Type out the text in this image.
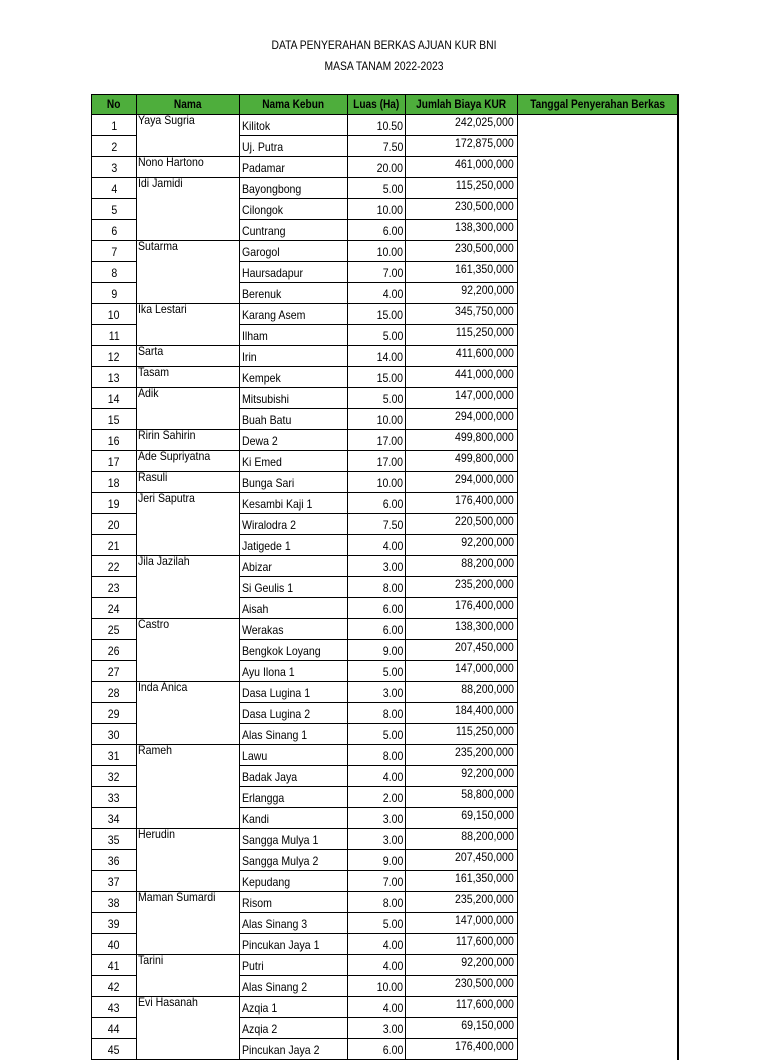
DATA PENYERAHAN BERKAS AJUAN KUR BNI
MASA TANAM 2022-2023
No	Nama	Nama Kebun	Luas (Ha)	Jumlah Biaya KUR	Tanggal Penyerahan Berkas
1	Yaya Sugria	Kilitok	10.50	242,025,000	
2		Uj. Putra	7.50	172,875,000	
3	Nono Hartono	Padamar	20.00	461,000,000	
4	Idi Jamidi	Bayongbong	5.00	115,250,000	
5		Cilongok	10.00	230,500,000	
6		Cuntrang	6.00	138,300,000	
7	Sutarma	Garogol	10.00	230,500,000	
8		Haursadapur	7.00	161,350,000	
9		Berenuk	4.00	92,200,000	
10	Ika Lestari	Karang Asem	15.00	345,750,000	
11		Ilham	5.00	115,250,000	
12	Sarta	Irin	14.00	411,600,000	
13	Tasam	Kempek	15.00	441,000,000	
14	Adik	Mitsubishi	5.00	147,000,000	
15		Buah Batu	10.00	294,000,000	
16	Ririn Sahirin	Dewa 2	17.00	499,800,000	
17	Ade Supriyatna	Ki Emed	17.00	499,800,000	
18	Rasuli	Bunga Sari	10.00	294,000,000	
19	Jeri Saputra	Kesambi Kaji 1	6.00	176,400,000	
20		Wiralodra 2	7.50	220,500,000	
21		Jatigede 1	4.00	92,200,000	
22	Jila Jazilah	Abizar	3.00	88,200,000	
23		Si Geulis 1	8.00	235,200,000	
24		Aisah	6.00	176,400,000	
25	Castro	Werakas	6.00	138,300,000	
26		Bengkok Loyang	9.00	207,450,000	
27		Ayu Ilona 1	5.00	147,000,000	
28	Inda Anica	Dasa Lugina 1	3.00	88,200,000	
29		Dasa Lugina 2	8.00	184,400,000	
30		Alas Sinang 1	5.00	115,250,000	
31	Rameh	Lawu	8.00	235,200,000	
32		Badak Jaya	4.00	92,200,000	
33		Erlangga	2.00	58,800,000	
34		Kandi	3.00	69,150,000	
35	Herudin	Sangga Mulya 1	3.00	88,200,000	
36		Sangga Mulya 2	9.00	207,450,000	
37		Kepudang	7.00	161,350,000	
38	Maman Sumardi	Risom	8.00	235,200,000	
39		Alas Sinang 3	5.00	147,000,000	
40		Pincukan Jaya 1	4.00	117,600,000	
41	Tarini	Putri	4.00	92,200,000	
42		Alas Sinang 2	10.00	230,500,000	
43	Evi Hasanah	Azqia 1	4.00	117,600,000	
44		Azqia 2	3.00	69,150,000	
45		Pincukan Jaya 2	6.00	176,400,000	
